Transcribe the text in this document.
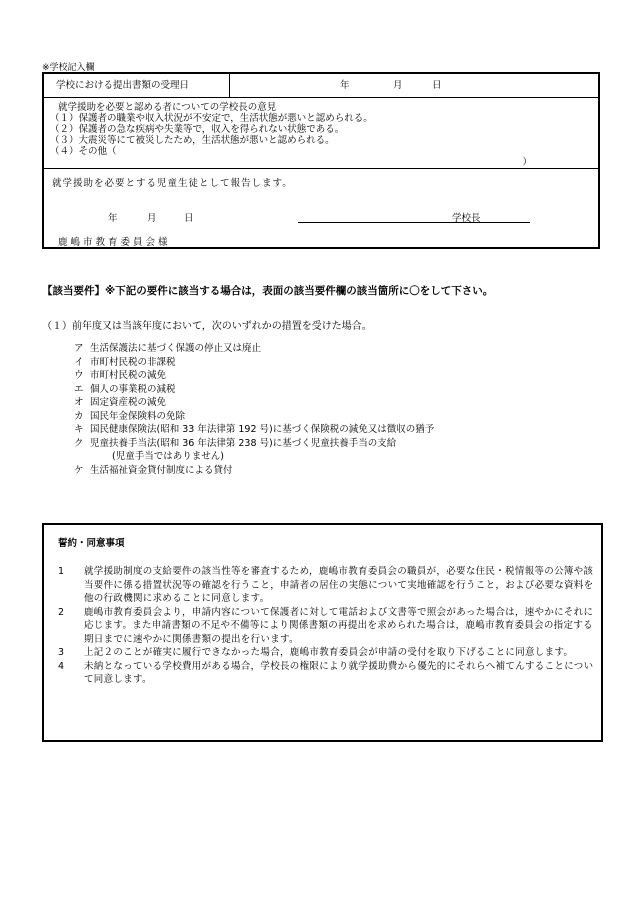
※学校記入欄
学校における提出書類の受理日	年	月	日
就学援助を必要と認める者についての学校長の意見
（１）保護者の職業や収入状況が不安定で，生活状態が悪いと認められる。
（２）保護者の急な疾病や失業等で，収入を得られない状態である。
（３）大震災等にて被災したため，生活状態が悪いと認められる。
（４）その他（
）
就学援助を必要とする児童生徒として報告します。
年	月	日	学校長
鹿嶋市教育委員会様
【該当要件】※下記の要件に該当する場合は，表面の該当要件欄の該当箇所に〇をして下さい。
（１）前年度又は当該年度において，次のいずれかの措置を受けた場合。
ア 生活保護法に基づく保護の停止又は廃止
イ 市町村民税の非課税
ウ 市町村民税の減免
エ 個人の事業税の減税
オ 固定資産税の減免
カ 国民年金保険料の免除
キ 国民健康保険法(昭和 33 年法律第 192 号)に基づく保険税の減免又は徴収の猶予
ク 児童扶養手当法(昭和 36 年法律第 238 号)に基づく児童扶養手当の支給
(児童手当ではありません)
ケ 生活福祉資金貸付制度による貸付
誓約・同意事項
1	就学援助制度の支給要件の該当性等を審査するため，鹿嶋市教育委員会の職員が，必要な住民・税情報等の公簿や該当要件に係る措置状況等の確認を行うこと，申請者の居住の実態について実地確認を行うこと，および必要な資料を他の行政機関に求めることに同意します。
2	鹿嶋市教育委員会より，申請内容について保護者に対して電話および文書等で照会があった場合は，速やかにそれに応じます。また申請書類の不足や不備等により関係書類の再提出を求められた場合は，鹿嶋市教育委員会の指定する期日までに速やかに関係書類の提出を行います。
3	上記２のことが確実に履行できなかった場合，鹿嶋市教育委員会が申請の受付を取り下げることに同意します。
4	未納となっている学校費用がある場合，学校長の権限により就学援助費から優先的にそれらへ補てんすることについて同意します。
